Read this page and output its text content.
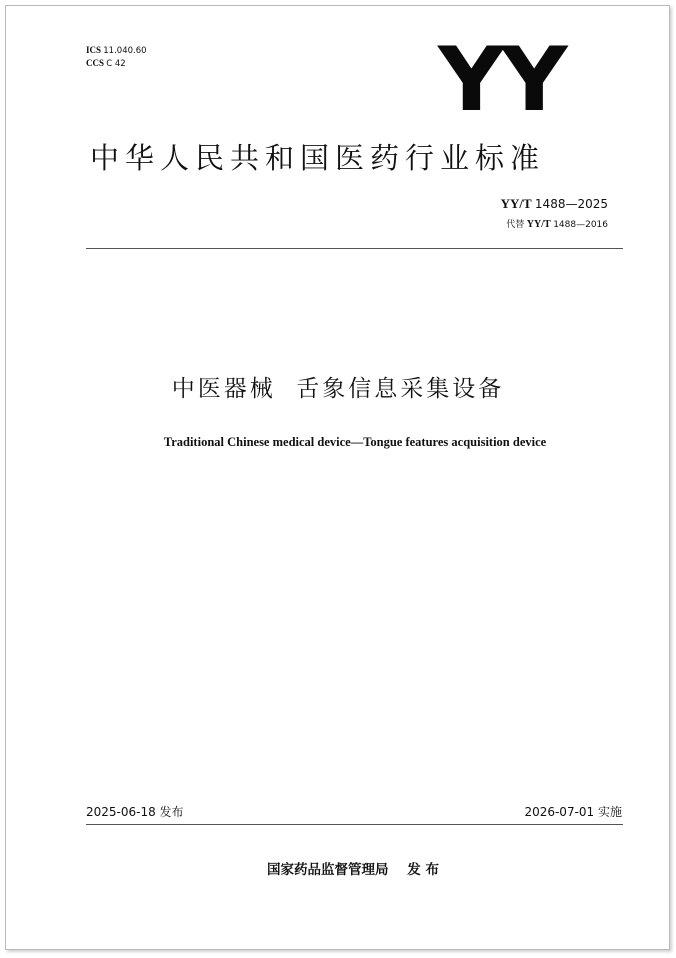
ICS 11.040.60
CCS C 42	YY
中华人民共和国医药行业标准
YY/T 1488—2025
代替 YY/T 1488—2016
中医器械  舌象信息采集设备
Traditional Chinese medical device—Tongue features acquisition device
2025-06-18 发布	2026-07-01 实施
国家药品监督管理局    发 布
